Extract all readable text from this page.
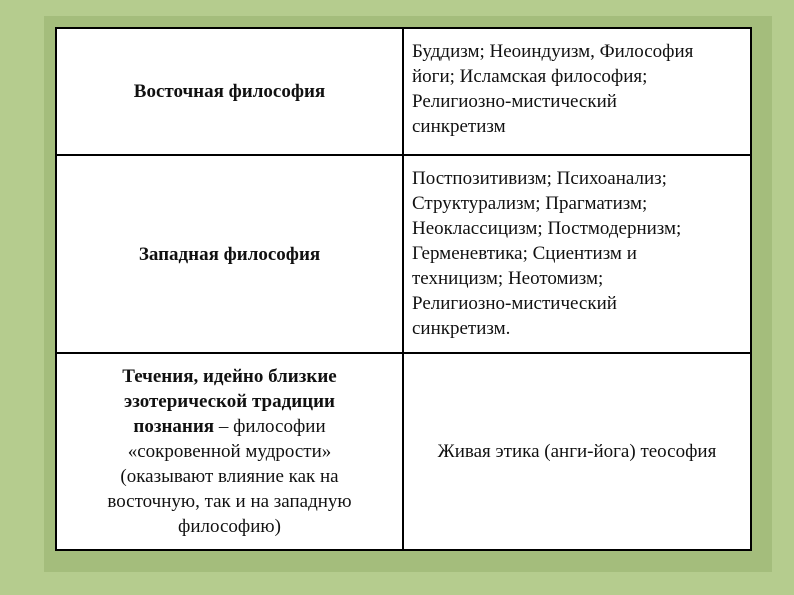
Восточная философия
Буддизм; Неоиндуизм, Философия
йоги; Исламская философия;
Религиозно-мистический
синкретизм
Западная философия
Постпозитивизм; Психоанализ;
Структурализм; Прагматизм;
Неоклассицизм; Постмодернизм;
Герменевтика; Сциентизм и
техницизм; Неотомизм;
Религиозно-мистический
синкретизм.
Течения, идейно близкие
эзотерической традиции
познания – философии
«сокровенной мудрости»
(оказывают влияние как на
восточную, так и на западную
философию)
Живая этика (анги-йога) теософия
